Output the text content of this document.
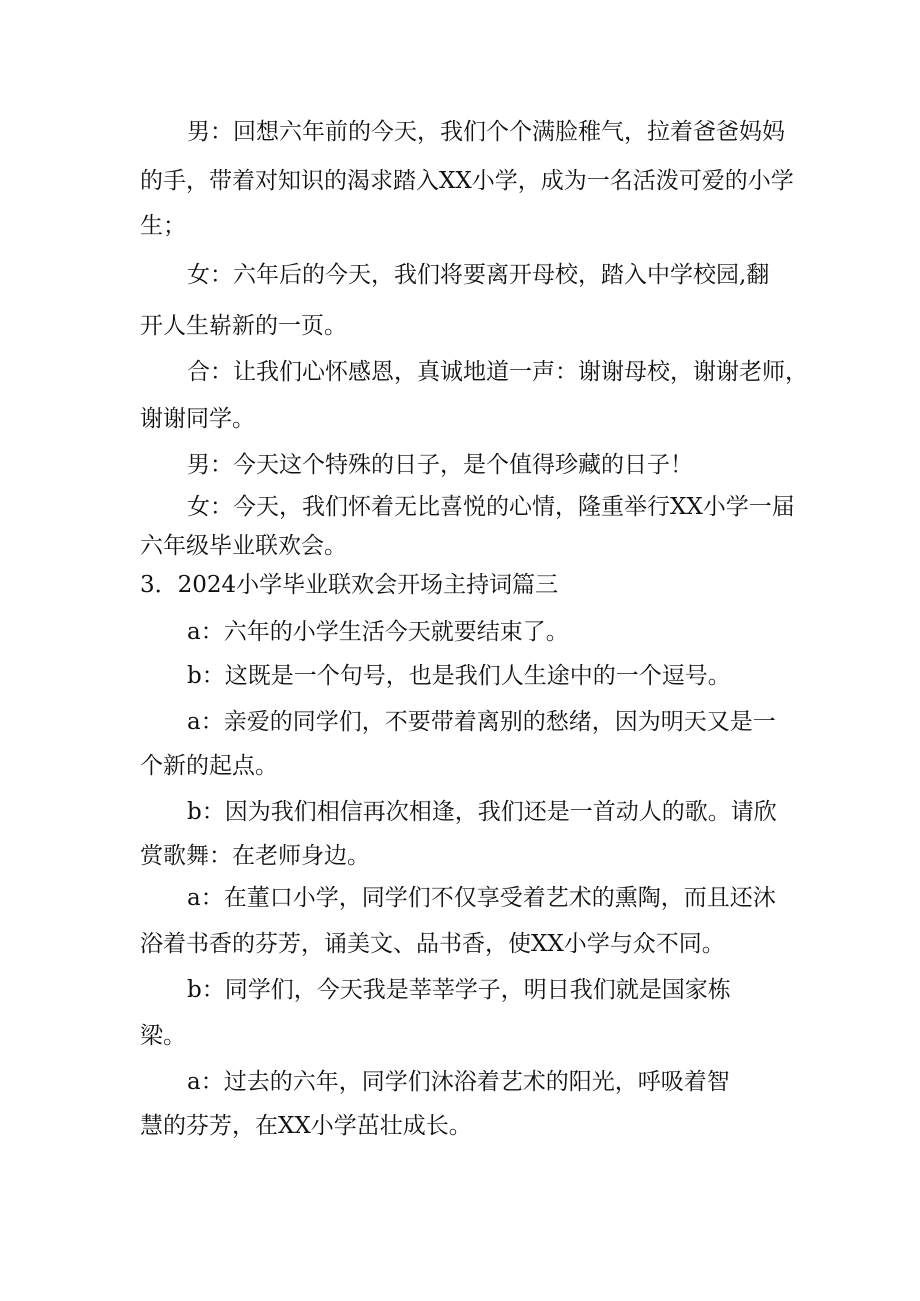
男：回想六年前的今天，我们个个满脸稚气，拉着爸爸妈妈
的手，带着对知识的渴求踏入XX小学，成为一名活泼可爱的小学
生；
女：六年后的今天，我们将要离开母校，踏入中学校园,翻
开人生崭新的一页。
合：让我们心怀感恩，真诚地道一声：谢谢母校，谢谢老师，
谢谢同学。
男：今天这个特殊的日子，是个值得珍藏的日子！
女：今天，我们怀着无比喜悦的心情，隆重举行XX小学一届
六年级毕业联欢会。
3．2024小学毕业联欢会开场主持词篇三
a：六年的小学生活今天就要结束了。
b：这既是一个句号，也是我们人生途中的一个逗号。
a：亲爱的同学们，不要带着离别的愁绪，因为明天又是一
个新的起点。
b：因为我们相信再次相逢，我们还是一首动人的歌。请欣
赏歌舞：在老师身边。
a：在董口小学，同学们不仅享受着艺术的熏陶，而且还沐
浴着书香的芬芳，诵美文、品书香，使XX小学与众不同。
b：同学们，今天我是莘莘学子，明日我们就是国家栋
梁。
a：过去的六年，同学们沐浴着艺术的阳光，呼吸着智
慧的芬芳，在XX小学茁壮成长。
